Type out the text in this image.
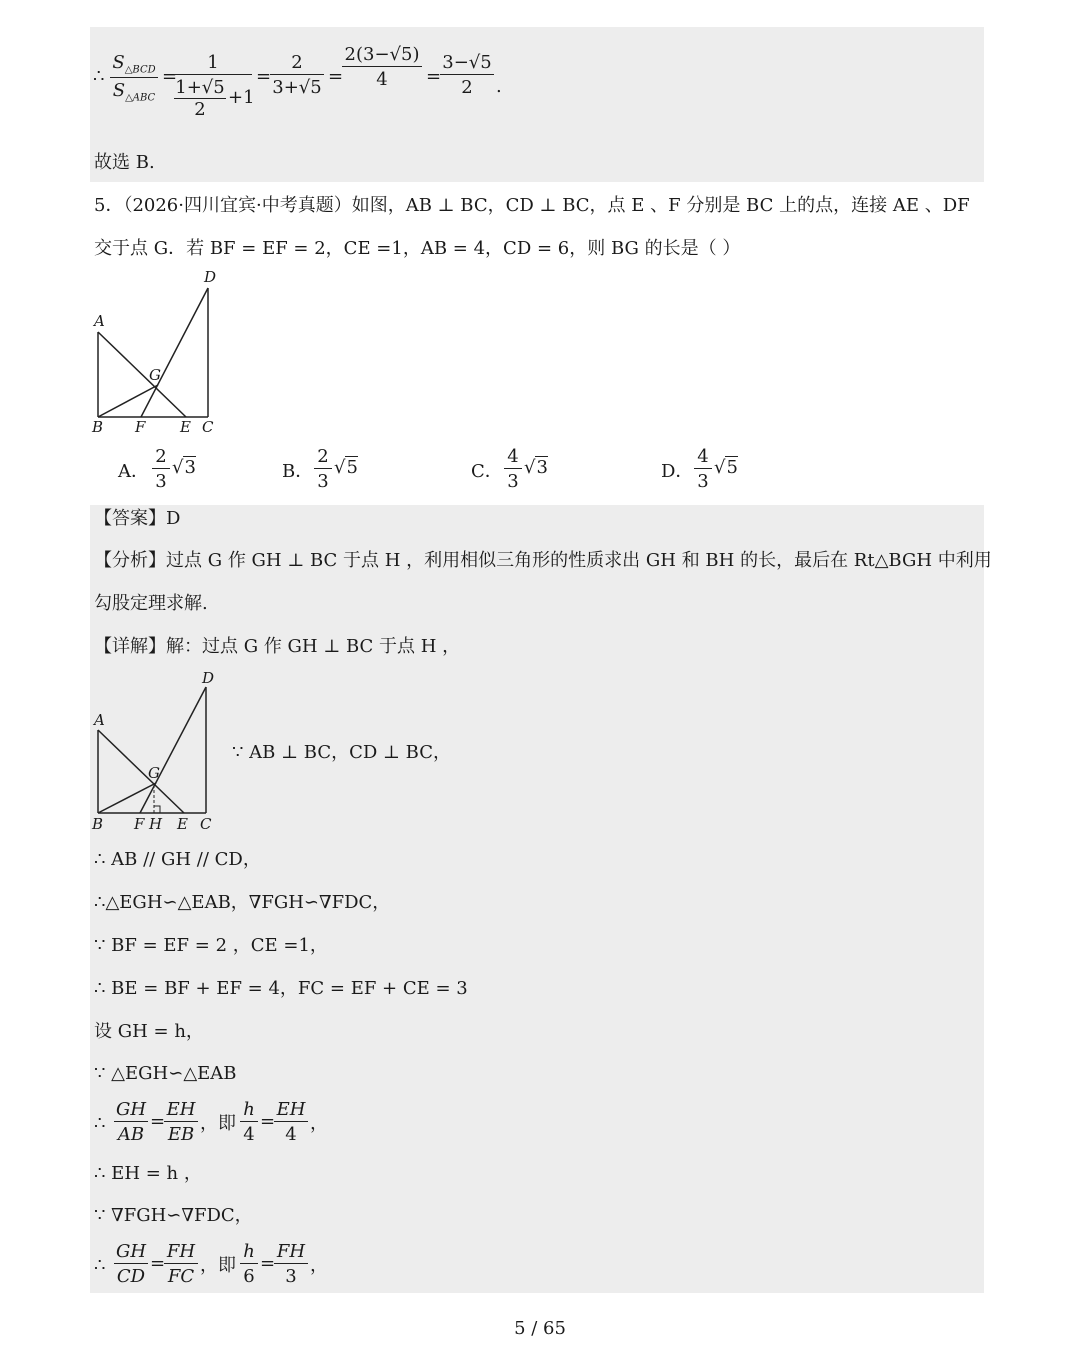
∴
$S_{\triangle BCD}$
$S_{\triangle ABC}$
=
$\frac{1}{\frac{1+√5}{2} +1}$ =
$\frac{2}{3+√5}$ =
$\frac{2(3-√5)}{4}$ =
$\frac{3-√5}{2}$ .
故选 B.
5．（2026·四川宜宾·中考真题）如图，AB ⊥ BC，CD ⊥ BC，点 E 、F 分别是 BC 上的点，连接 AE 、DF
交于点 G．若 BF = EF = 2，CE =1，AB = 4，CD = 6，则 BG 的长是（ ）
A
B F E C
D
G
A． $\frac{2}{3} √3$	B． $\frac{2}{3} √5$	C． $\frac{4}{3} √3$	D． $\frac{4}{3} √5$
【答案】D
【分析】过点 G 作 GH ⊥ BC 于点 H ，利用相似三角形的性质求出 GH 和 BH 的长，最后在 Rt△BGH 中利用
勾股定理求解.
【详解】解：过点 G 作 GH ⊥ BC 于点 H ，
A
B F H E C
D
G
∵ AB ⊥ BC，CD ⊥ BC，
∴ AB // GH // CD，
∴△EGH∽△EAB，∇FGH∽∇FDC，
∵ BF = EF = 2 ，CE =1，
∴ BE = BF + EF = 4，FC = EF + CE = 3
设 GH = h，
∵ △EGH∽△EAB
∴ $\frac{GH}{AB}$ =
$\frac{EH}{EB}$ ，即 $\frac{h}{4}$ =
$\frac{EH}{4}$ ，
∴ EH = h ，
∵ ∇FGH∽∇FDC，
∴ $\frac{GH}{CD}$ =
$\frac{FH}{FC}$ ，即 $\frac{h}{6}$ =
$\frac{FH}{3}$ ，
5 / 65
